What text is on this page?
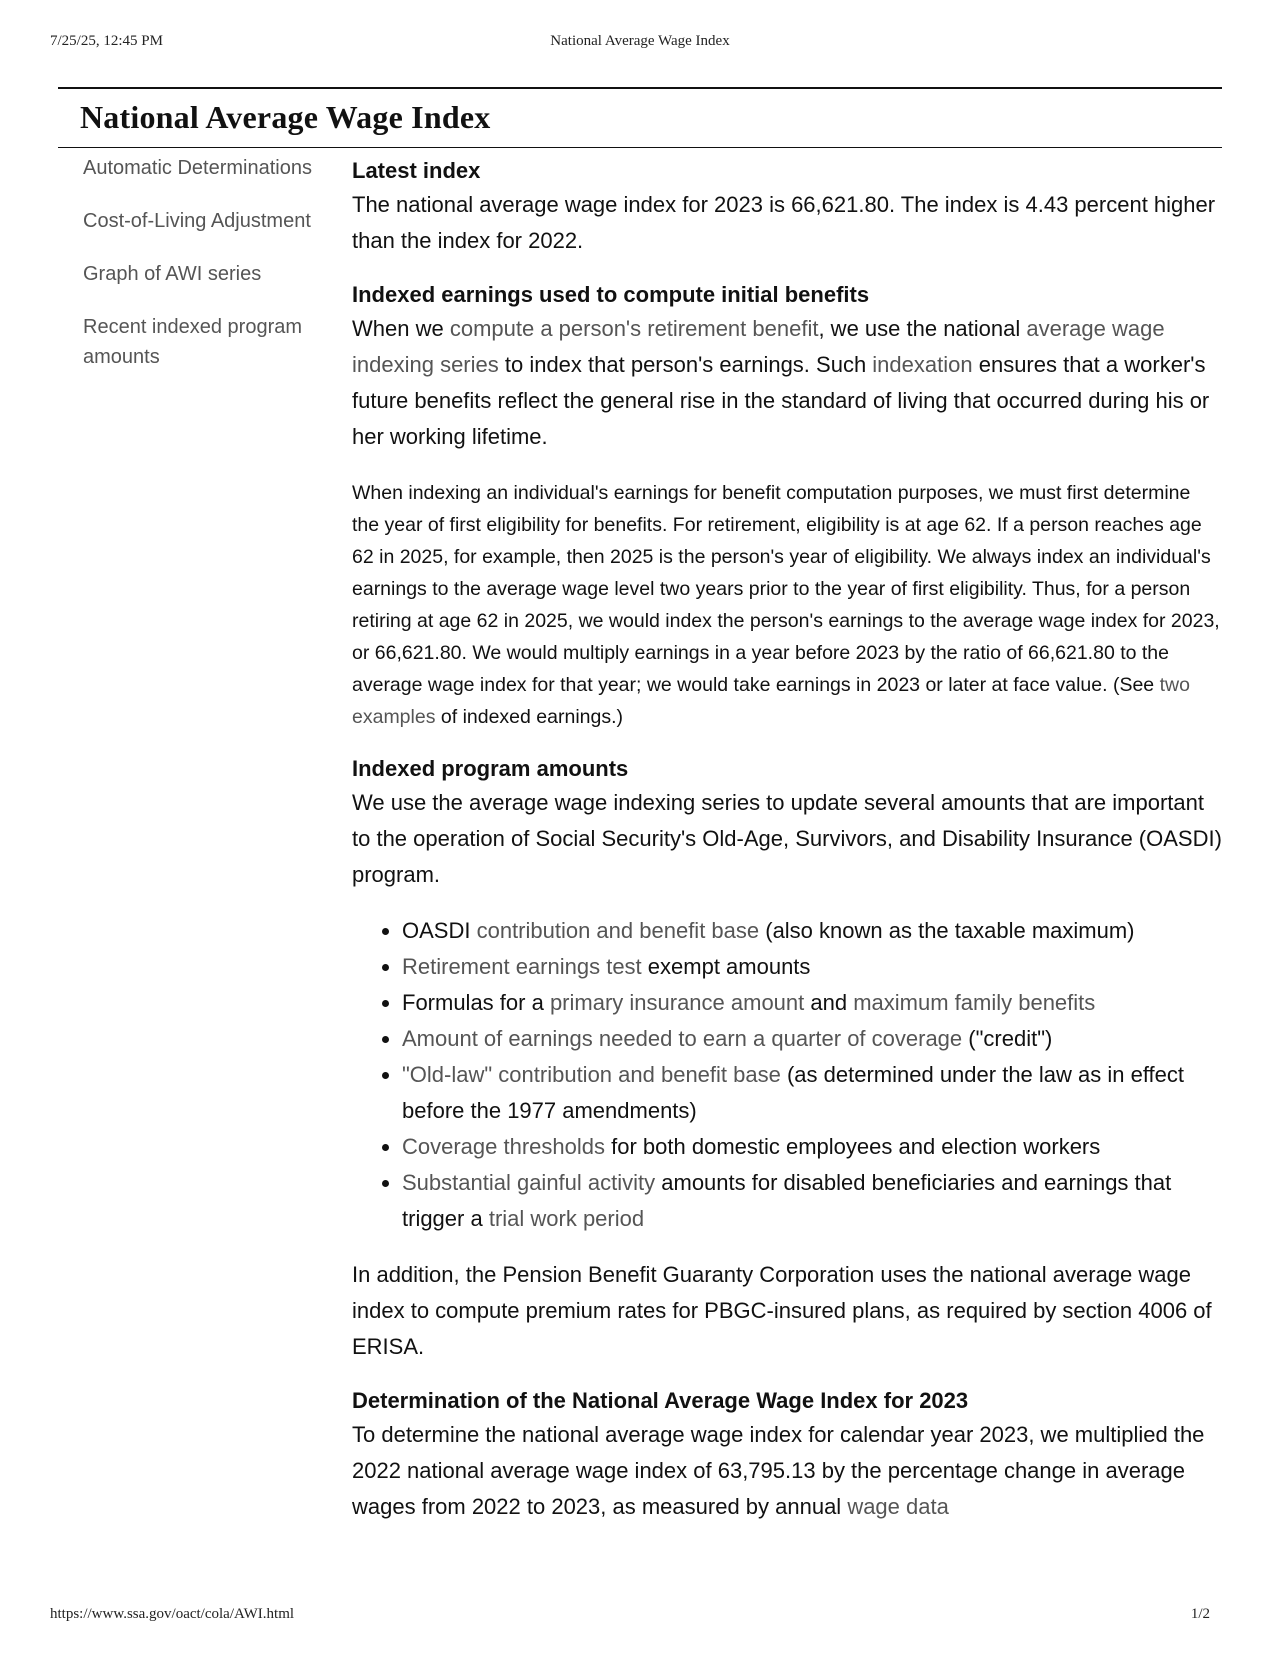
7/25/25, 12:45 PM	National Average Wage Index
National Average Wage Index
Automatic Determinations
Cost-of-Living Adjustment
Graph of AWI series
Recent indexed program amounts
Latest index

The national average wage index for 2023 is 66,621.80. The index is 4.43 percent higher than the index for 2022.

Indexed earnings used to compute initial benefits

When we compute a person's retirement benefit, we use the national average wage indexing series to index that person's earnings. Such indexation ensures that a worker's future benefits reflect the general rise in the standard of living that occurred during his or her working lifetime.

When indexing an individual's earnings for benefit computation purposes, we must first determine the year of first eligibility for benefits. For retirement, eligibility is at age 62. If a person reaches age 62 in 2025, for example, then 2025 is the person's year of eligibility. We always index an individual's earnings to the average wage level two years prior to the year of first eligibility. Thus, for a person retiring at age 62 in 2025, we would index the person's earnings to the average wage index for 2023, or 66,621.80. We would multiply earnings in a year before 2023 by the ratio of 66,621.80 to the average wage index for that year; we would take earnings in 2023 or later at face value. (See two examples of indexed earnings.)

Indexed program amounts

We use the average wage indexing series to update several amounts that are important to the operation of Social Security's Old-Age, Survivors, and Disability Insurance (OASDI) program.

• OASDI contribution and benefit base (also known as the taxable maximum)
• Retirement earnings test exempt amounts
• Formulas for a primary insurance amount and maximum family benefits
• Amount of earnings needed to earn a quarter of coverage ("credit")
• "Old-law" contribution and benefit base (as determined under the law as in effect before the 1977 amendments)
• Coverage thresholds for both domestic employees and election workers
• Substantial gainful activity amounts for disabled beneficiaries and earnings that trigger a trial work period

In addition, the Pension Benefit Guaranty Corporation uses the national average wage index to compute premium rates for PBGC-insured plans, as required by section 4006 of ERISA.

Determination of the National Average Wage Index for 2023

To determine the national average wage index for calendar year 2023, we multiplied the 2022 national average wage index of 63,795.13 by the percentage change in average wages from 2022 to 2023, as measured by annual wage data

https://www.ssa.gov/oact/cola/AWI.html	1/2
